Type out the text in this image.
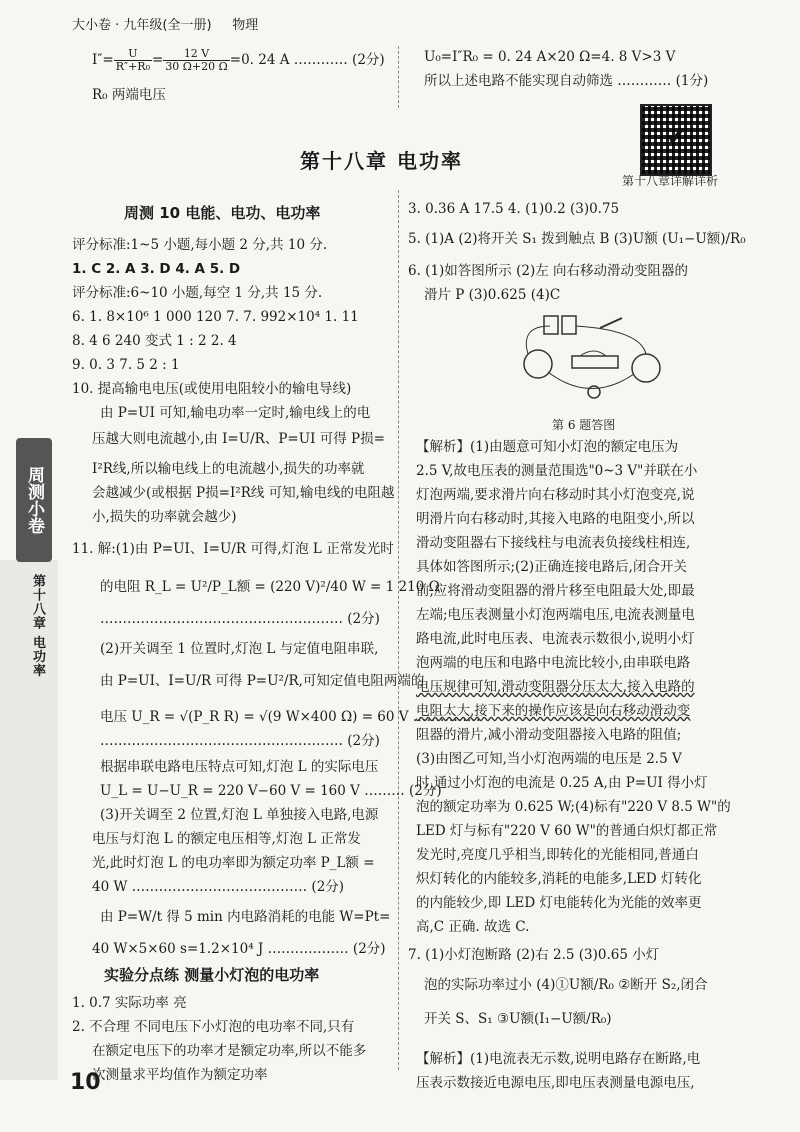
大小卷 · 九年级(全一册) 物理
$I''= \frac{U}{\text{R″+R₀}} = \frac{12 V}{30 \Omega+20 \Omega} =0$. 24 A ………… (2分)
R₀ 两端电压
U₀=I″R₀ = 0. 24 A×20 Ω=4. 8 V>3 V
所以上述电路不能实现自动筛选 ………… (1分)
第十八章 电功率
✔
第十八章详解详析
周测小卷
第十八章 电功率
周测 10 电能、电功、电功率
评分标准:1~5 小题,每小题 2 分,共 10 分.
1. C 2. A 3. D 4. A 5. D
评分标准:6~10 小题,每空 1 分,共 15 分.
6. 1. 8×10⁶ 1 000 120 7. 7. 992×10⁴ 1. 11
8. 4 6 240 变式 1 : 2 2. 4
9. 0. 3 7. 5 2 : 1
10. 提高输电电压(或使用电阻较小的输电导线)
由 P=UI 可知,输电功率一定时,输电线上的电
压越大则电流越小,由 I=U/R、P=UI 可得 P损=
I²R线,所以输电线上的电流越小,损失的功率就
会越减少(或根据 P损=I²R线 可知,输电线的电阻越
小,损失的功率就会越少)
11. 解:(1)由 P=UI、I=U/R 可得,灯泡 L 正常发光时
的电阻 R_L = U²/P_L额 = (220 V)²/40 W = 1 210 Ω
……………………………………………… (2分)
(2)开关调至 1 位置时,灯泡 L 与定值电阻串联,
由 P=UI、I=U/R 可得 P=U²/R,可知定值电阻两端的
电压 U_R = √(P_R R) = √(9 W×400 Ω) = 60 V ……………
……………………………………………… (2分)
根据串联电路电压特点可知,灯泡 L 的实际电压
U_L = U−U_R = 220 V−60 V = 160 V ……… (2分)
(3)开关调至 2 位置,灯泡 L 单独接入电路,电源
电压与灯泡 L 的额定电压相等,灯泡 L 正常发
光,此时灯泡 L 的电功率即为额定功率 P_L额 =
40 W ………………………………… (2分)
由 P=W/t 得 5 min 内电路消耗的电能 W=Pt=
40 W×5×60 s=1.2×10⁴ J ……………… (2分)
实验分点练 测量小灯泡的电功率
1. 0.7 实际功率 亮
2. 不合理 不同电压下小灯泡的电功率不同,只有
在额定电压下的功率才是额定功率,所以不能多
次测量求平均值作为额定功率
10
3. 0.36 A 17.5 4. (1)0.2 (3)0.75
5. (1)A (2)将开关 S₁ 拨到触点 B (3)U额 (U₁−U额)/R₀
6. (1)如答图所示 (2)左 向右移动滑动变阻器的
滑片 P (3)0.625 (4)C
第 6 题答图
【解析】(1)由题意可知小灯泡的额定电压为
2.5 V,故电压表的测量范围选"0~3 V"并联在小
灯泡两端,要求滑片向右移动时其小灯泡变亮,说
明滑片向右移动时,其接入电路的电阻变小,所以
滑动变阻器右下接线柱与电流表负接线柱相连,
具体如答图所示;(2)正确连接电路后,闭合开关
前,应将滑动变阻器的滑片移至电阻最大处,即最
左端;电压表测量小灯泡两端电压,电流表测量电
路电流,此时电压表、电流表示数很小,说明小灯
泡两端的电压和电路中电流比较小,由串联电路
电压规律可知,滑动变阻器分压太大,接入电路的
电阻太大,接下来的操作应该是向右移动滑动变
阻器的滑片,减小滑动变阻器接入电路的阻值;
(3)由图乙可知,当小灯泡两端的电压是 2.5 V
时,通过小灯泡的电流是 0.25 A,由 P=UI 得小灯
泡的额定功率为 0.625 W;(4)标有"220 V 8.5 W"的
LED 灯与标有"220 V 60 W"的普通白炽灯都正常
发光时,亮度几乎相当,即转化的光能相同,普通白
炽灯转化的内能较多,消耗的电能多,LED 灯转化
的内能较少,即 LED 灯电能转化为光能的效率更
高,C 正确. 故选 C.
7. (1)小灯泡断路 (2)右 2.5 (3)0.65 小灯
泡的实际功率过小 (4)①U额/R₀ ②断开 S₂,闭合
开关 S、S₁ ③U额(I₁−U额/R₀)
【解析】(1)电流表无示数,说明电路存在断路,电
压表示数接近电源电压,即电压表测量电源电压,
